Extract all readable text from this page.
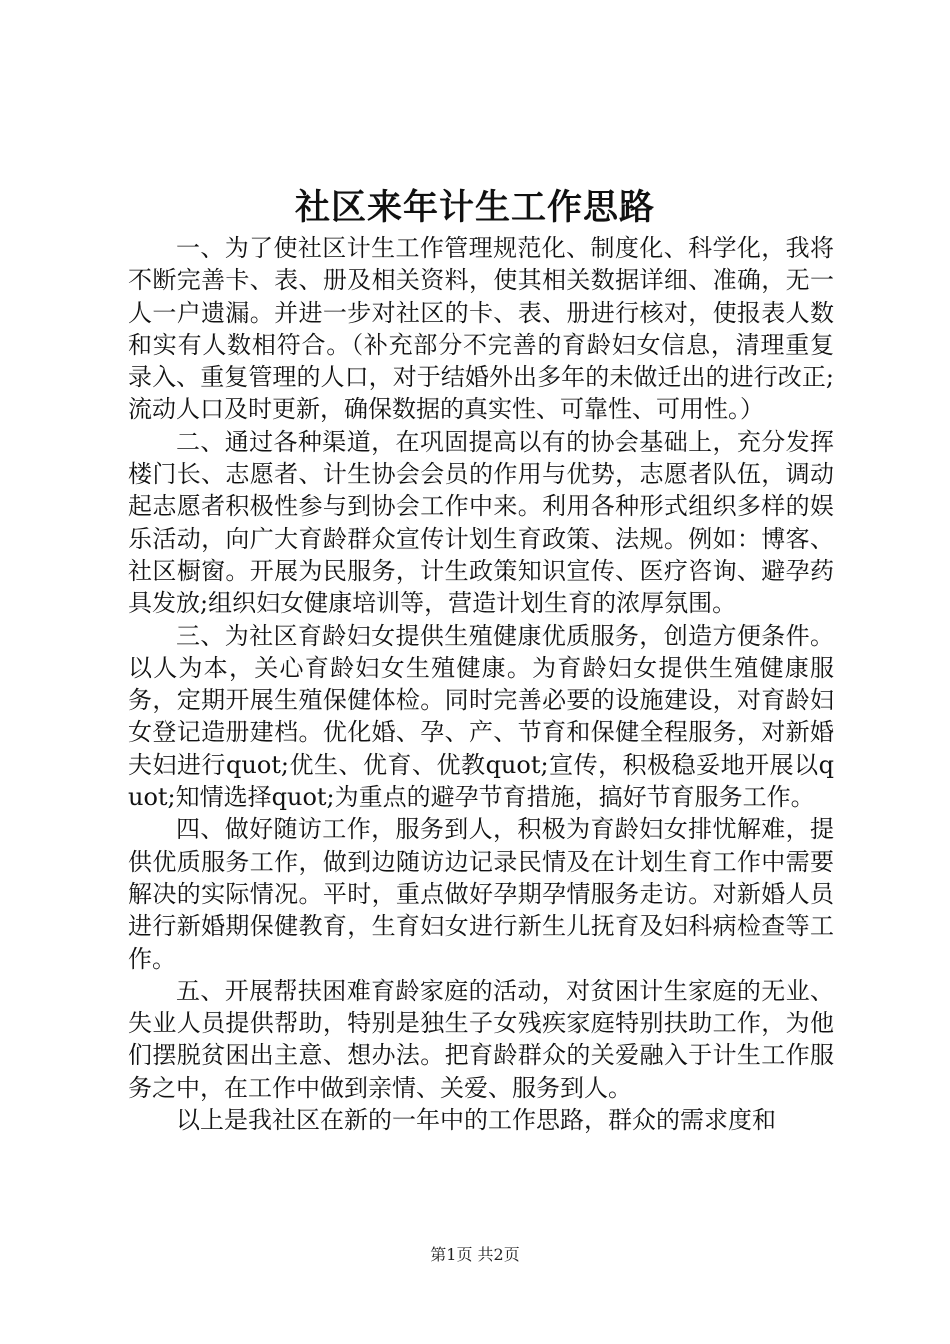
社区来年计生工作思路

一、为了使社区计生工作管理规范化、制度化、科学化，我将不断完善卡、表、册及相关资料，使其相关数据详细、准确，无一人一户遗漏。并进一步对社区的卡、表、册进行核对，使报表人数和实有人数相符合。（补充部分不完善的育龄妇女信息，清理重复录入、重复管理的人口，对于结婚外出多年的未做迁出的进行改正;流动人口及时更新，确保数据的真实性、可靠性、可用性。）

二、通过各种渠道，在巩固提高以有的协会基础上，充分发挥楼门长、志愿者、计生协会会员的作用与优势，志愿者队伍，调动起志愿者积极性参与到协会工作中来。利用各种形式组织多样的娱乐活动，向广大育龄群众宣传计划生育政策、法规。例如：博客、社区橱窗。开展为民服务，计生政策知识宣传、医疗咨询、避孕药具发放;组织妇女健康培训等，营造计划生育的浓厚氛围。

三、为社区育龄妇女提供生殖健康优质服务，创造方便条件。以人为本，关心育龄妇女生殖健康。为育龄妇女提供生殖健康服务，定期开展生殖保健体检。同时完善必要的设施建设，对育龄妇女登记造册建档。优化婚、孕、产、节育和保健全程服务，对新婚夫妇进行quot;优生、优育、优教quot;宣传，积极稳妥地开展以quot;知情选择quot;为重点的避孕节育措施，搞好节育服务工作。

四、做好随访工作，服务到人，积极为育龄妇女排忧解难，提供优质服务工作，做到边随访边记录民情及在计划生育工作中需要解决的实际情况。平时，重点做好孕期孕情服务走访。对新婚人员进行新婚期保健教育，生育妇女进行新生儿抚育及妇科病检查等工作。

五、开展帮扶困难育龄家庭的活动，对贫困计生家庭的无业、失业人员提供帮助，特别是独生子女残疾家庭特别扶助工作，为他们摆脱贫困出主意、想办法。把育龄群众的关爱融入于计生工作服务之中，在工作中做到亲情、关爱、服务到人。

以上是我社区在新的一年中的工作思路，群众的需求度和

第1页 共2页
